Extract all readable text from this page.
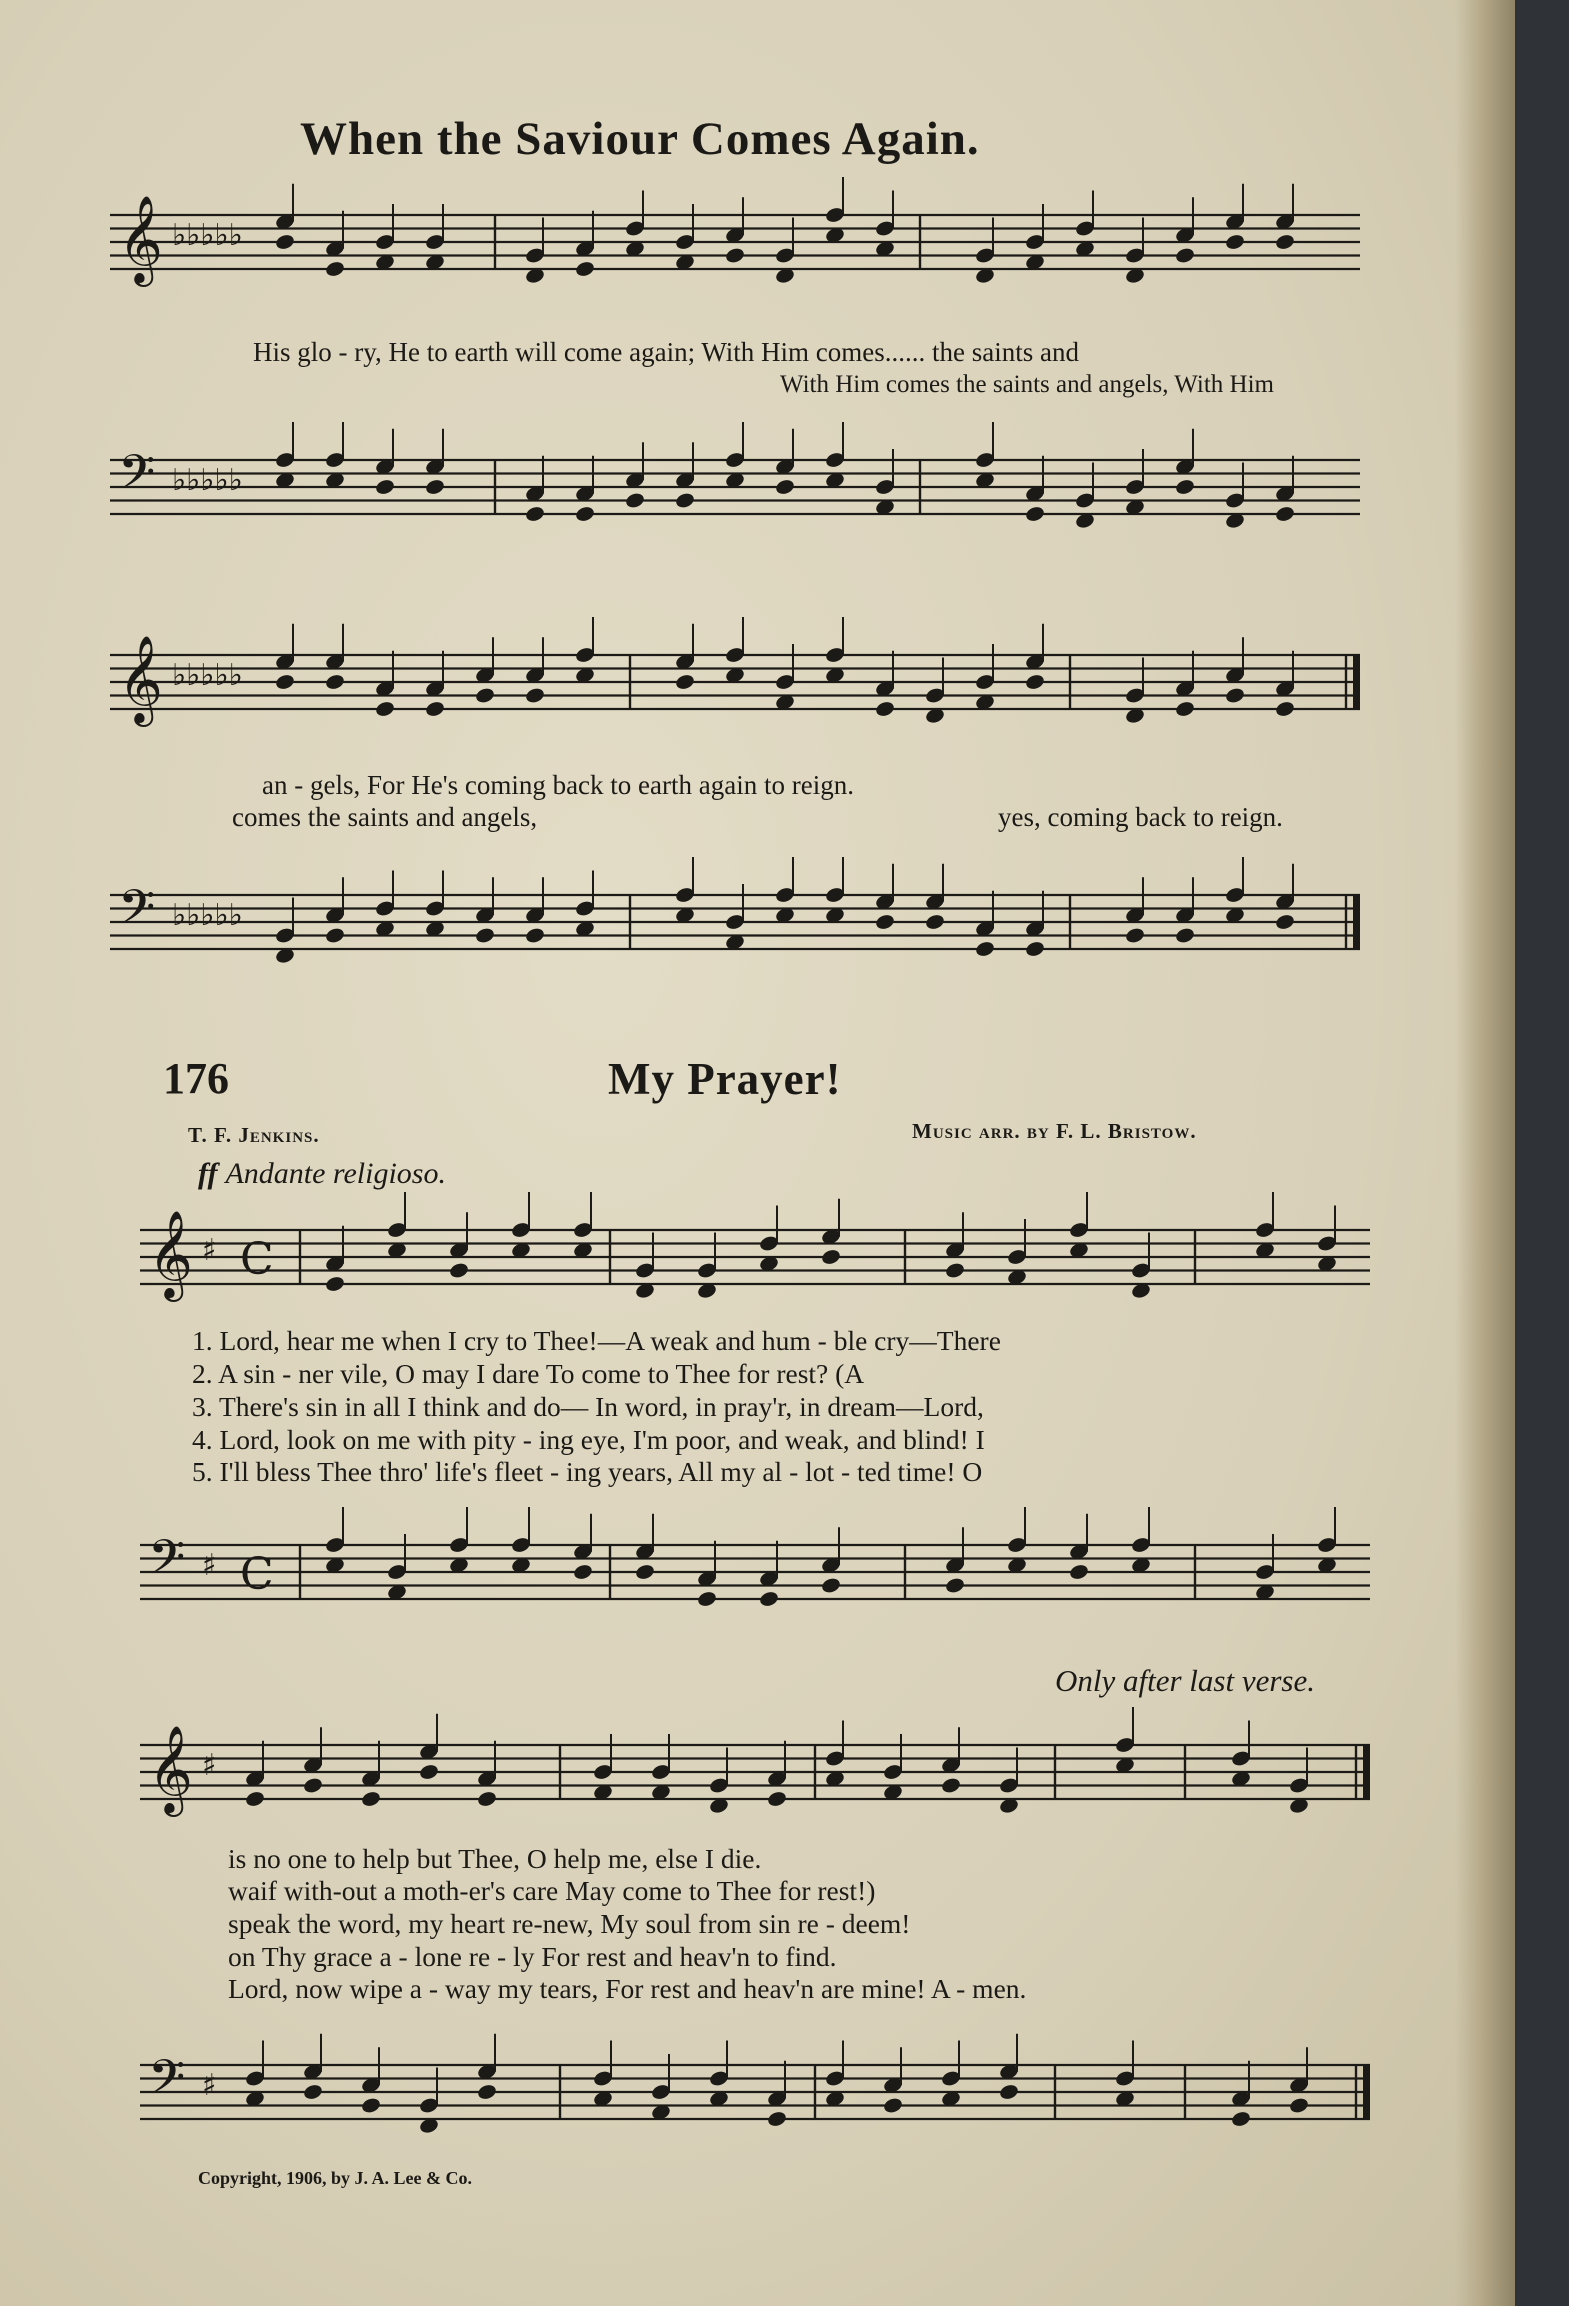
When the Saviour Comes Again.
𝄞 ♭♭♭♭♭
His glo - ry, He to earth will come again; With Him comes...... the saints and
With Him comes the saints and angels, With Him
𝄢 ♭♭♭♭♭
𝄞 ♭♭♭♭♭
an - gels, For He's coming back to earth again to reign.
comes the saints and angels,	yes, coming back to reign.
𝄢 ♭♭♭♭♭
176	My Prayer!
T. F. Jenkins.	Music arr. by F. L. Bristow.
ff Andante religioso.
𝄞 ♯ C
1. Lord, hear me when I cry to Thee!—A weak and hum - ble cry—There
2. A sin - ner vile, O may I dare To come to Thee for rest? (A
3. There's sin in all I think and do— In word, in pray'r, in dream—Lord,
4. Lord, look on me with pity - ing eye, I'm poor, and weak, and blind! I
5. I'll bless Thee thro' life's fleet - ing years, All my al - lot - ted time! O
𝄢 ♯ C
Only after last verse.
𝄞 ♯
is no one to help but Thee, O help me, else I die.
waif with-out a moth-er's care May come to Thee for rest!)
speak the word, my heart re-new, My soul from sin re - deem!
on Thy grace a - lone re - ly For rest and heav'n to find.
Lord, now wipe a - way my tears, For rest and heav'n are mine! A - men.
𝄢 ♯
Copyright, 1906, by J. A. Lee & Co.
